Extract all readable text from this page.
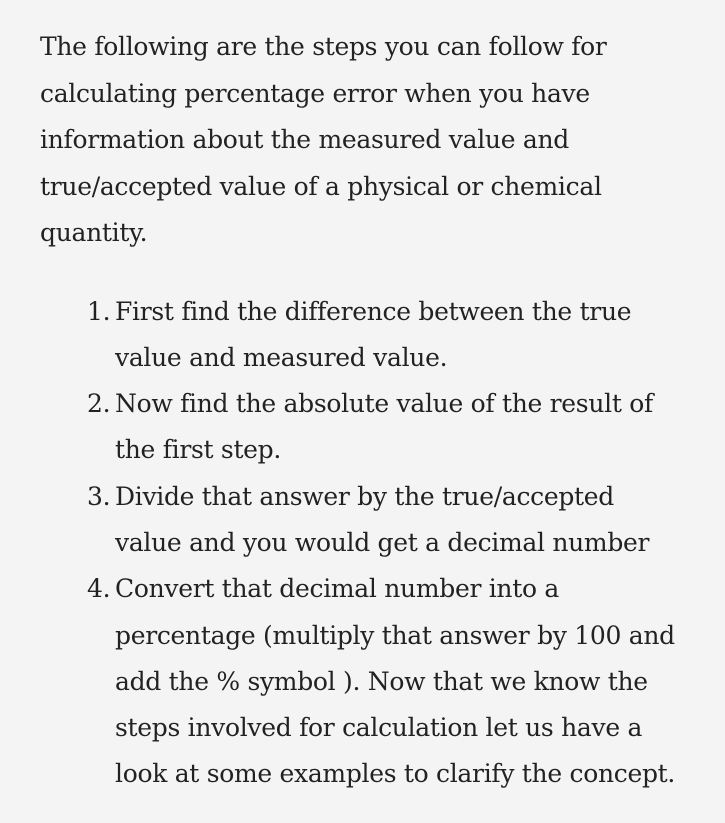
The following are the steps you can follow for calculating percentage error when you have information about the measured value and true/accepted value of a physical or chemical quantity.

1. First find the difference between the true value and measured value.
2. Now find the absolute value of the result of the first step.
3. Divide that answer by the true/accepted value and you would get a decimal number
4. Convert that decimal number into a percentage (multiply that answer by 100 and add the % symbol ). Now that we know the steps involved for calculation let us have a look at some examples to clarify the concept.
